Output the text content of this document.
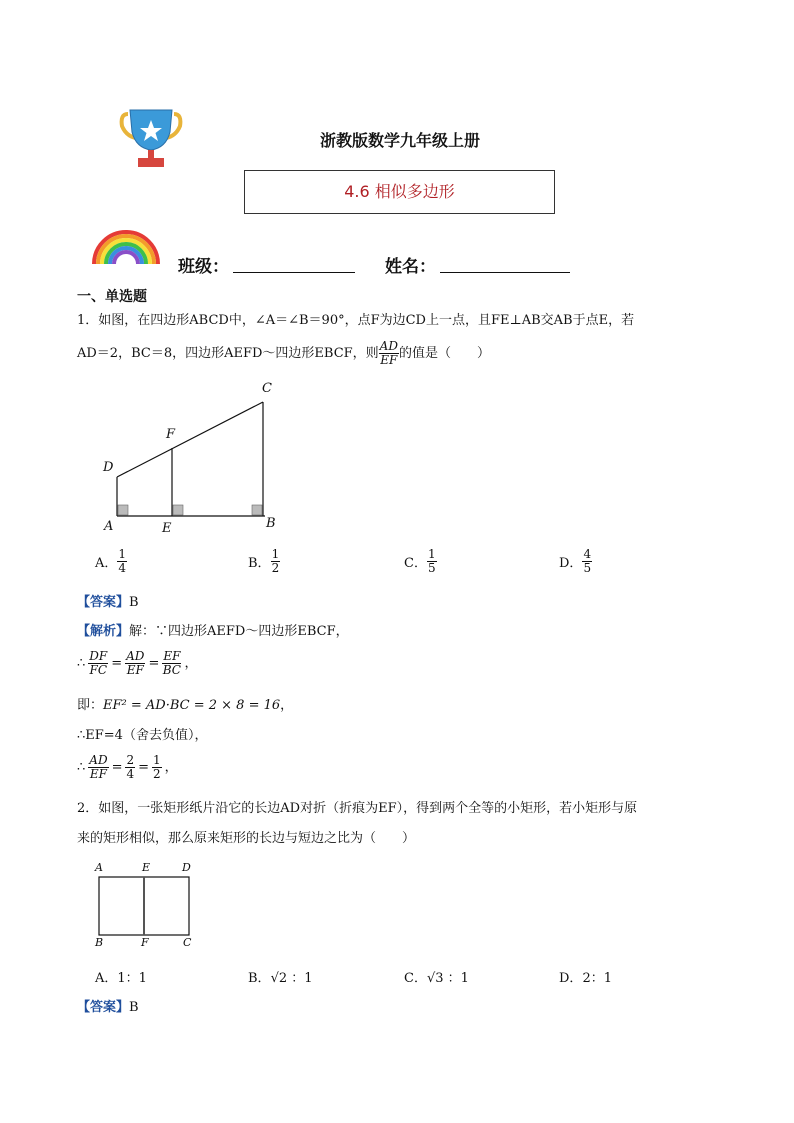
浙教版数学九年级上册
4.6 相似多边形
班级：	姓名：
一、单选题
1．如图，在四边形ABCD中，∠A＝∠B＝90°，点F为边CD上一点，且FE⊥AB交AB于点E，若
AD＝2，BC＝8，四边形AEFD～四边形EBCF，则 $\frac{AD}{EF}$ 的值是（　　）
C
F
D
A	E	B
A． $\frac{1}{4}$	B． $\frac{1}{2}$	C． $\frac{1}{5}$	D． $\frac{4}{5}$
【答案】B
【解析】解：∵四边形AEFD～四边形EBCF，
∴ $\frac{DF}{FC} = \frac{AD}{EF} = \frac{EF}{BC}$ ，
即：EF² = AD·BC = 2 × 8 = 16，
∴EF=4（舍去负值），
∴ $\frac{AD}{EF} = \frac{2}{4} = \frac{1}{2}$ ，
2．如图，一张矩形纸片沿它的长边AD对折（折痕为EF），得到两个全等的小矩形，若小矩形与原
来的矩形相似，那么原来矩形的长边与短边之比为（　　）
A	E	D
B	F	C
A．1：1	B．√2 ：1	C．√3 ：1	D．2：1
【答案】B
